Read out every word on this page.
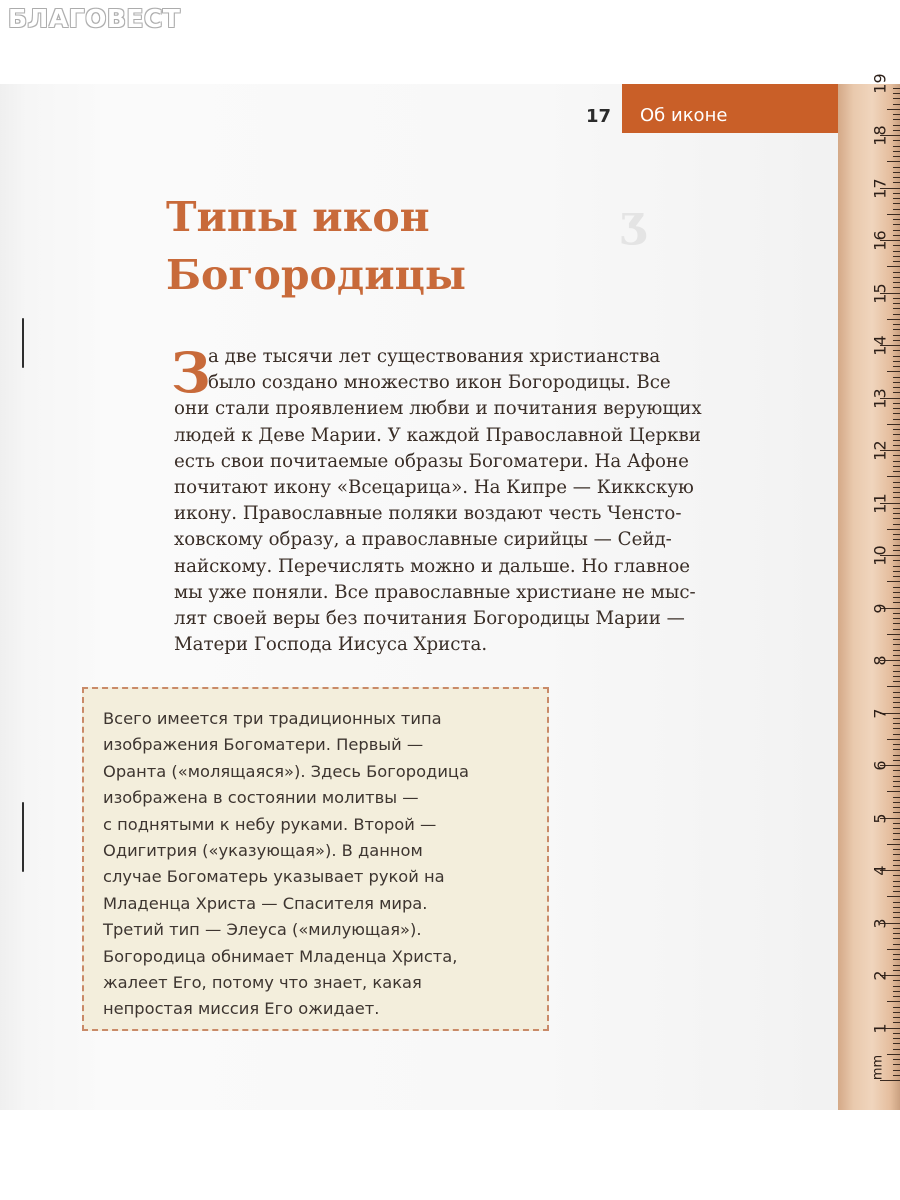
БЛАГОВЕСТ
ʒ
Об иконе
17
Типы икон
Богородицы
З
а две тысячи лет существования христианства
было создано множество икон Богородицы. Все
они стали проявлением любви и почитания верующих
людей к Деве Марии. У каждой Православной Церкви
есть свои почитаемые образы Богоматери. На Афоне
почитают икону «Всецарица». На Кипре — Киккскую
икону. Православные поляки воздают честь Ченсто-
ховскому образу, а православные сирийцы — Сейд-
найскому. Перечислять можно и дальше. Но главное
мы уже поняли. Все православные христиане не мыс-
лят своей веры без почитания Богородицы Марии —
Матери Господа Иисуса Христа.
Всего имеется три традиционных типа
изображения Богоматери. Первый —
Оранта («молящаяся»). Здесь Богородица
изображена в состоянии молитвы —
с поднятыми к небу руками. Второй —
Одигитрия («указующая»). В данном
случае Богоматерь указывает рукой на
Младенца Христа — Спасителя мира.
Третий тип — Элеуса («милующая»).
Богородица обнимает Младенца Христа,
жалеет Его, потому что знает, какая
непростая миссия Его ожидает.
mm
1
2
3
4
5
6
7
8
9
10
11
12
13
14
15
16
17
18
19
